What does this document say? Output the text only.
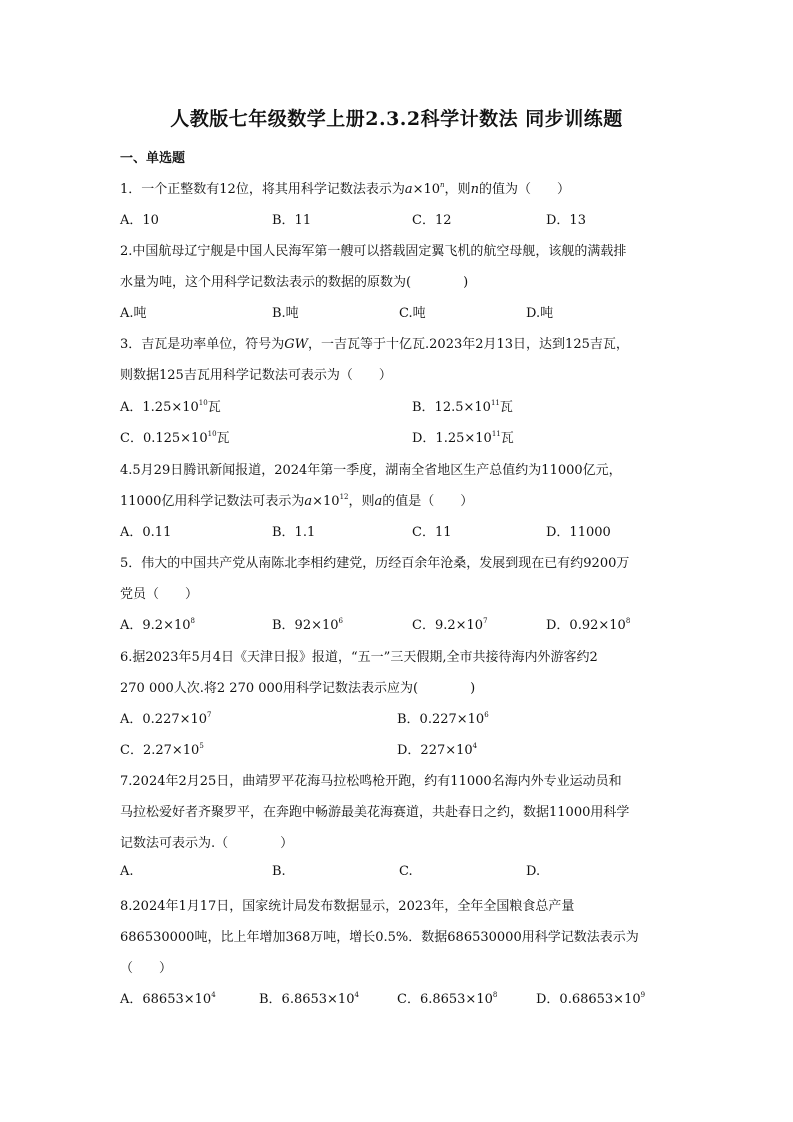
人教版七年级数学上册2.3.2科学计数法 同步训练题
一、单选题
1．一个正整数有12位，将其用科学记数法表示为$a\times 10^n$，则n的值为（　　）
A．10	B．11	C．12	D．13
2.中国航母辽宁舰是中国人民海军第一艘可以搭载固定翼飞机的航空母舰，该舰的满载排
水量为吨，这个用科学记数法表示的数据的原数为(　　　　)
A.吨	B.吨	C.吨	D.吨
3．吉瓦是功率单位，符号为GW，一吉瓦等于十亿瓦.2023年2月13日，达到125吉瓦，
则数据125吉瓦用科学记数法可表示为（　　）
A．$1.25\times 10^{10}$瓦	B．$12.5\times 10^{11}$瓦
C．$0.125\times 10^{10}$瓦	D．$1.25\times 10^{11}$瓦
4.5月29日腾讯新闻报道，2024年第一季度，湖南全省地区生产总值约为11000亿元，
11000亿用科学记数法可表示为$a\times 10^{12}$，则a的值是（　　）
A．0.11	B．1.1	C．11	D．11000
5．伟大的中国共产党从南陈北李相约建党，历经百余年沧桑，发展到现在已有约9200万
党员（　　）
A．$9.2\times 10^8$	B．$92\times 10^6$	C．$9.2\times 10^7$	D．$0.92\times 10^8$
6.据2023年5月4日《天津日报》报道，“五一”三天假期,全市共接待海内外游客约2
270 000人次.将2 270 000用科学记数法表示应为(　　　　)
A．$0.227\times 10^7$	B．$0.227\times 10^6$
C．$2.27\times 10^5$	D．$227\times 10^4$
7.2024年2月25日，曲靖罗平花海马拉松鸣枪开跑，约有11000名海内外专业运动员和
马拉松爱好者齐聚罗平，在奔跑中畅游最美花海赛道，共赴春日之约，数据11000用科学
记数法可表示为.（　　　　）
A.	B.	C.	D.
8.2024年1月17日，国家统计局发布数据显示，2023年，全年全国粮食总产量
686530000吨，比上年增加368万吨，增长0.5%．数据686530000用科学记数法表示为
（　　）
A．$68653\times 10^4$	B．$6.8653\times 10^4$	C．$6.8653\times 10^8$	D．$0.68653\times 10^9$
